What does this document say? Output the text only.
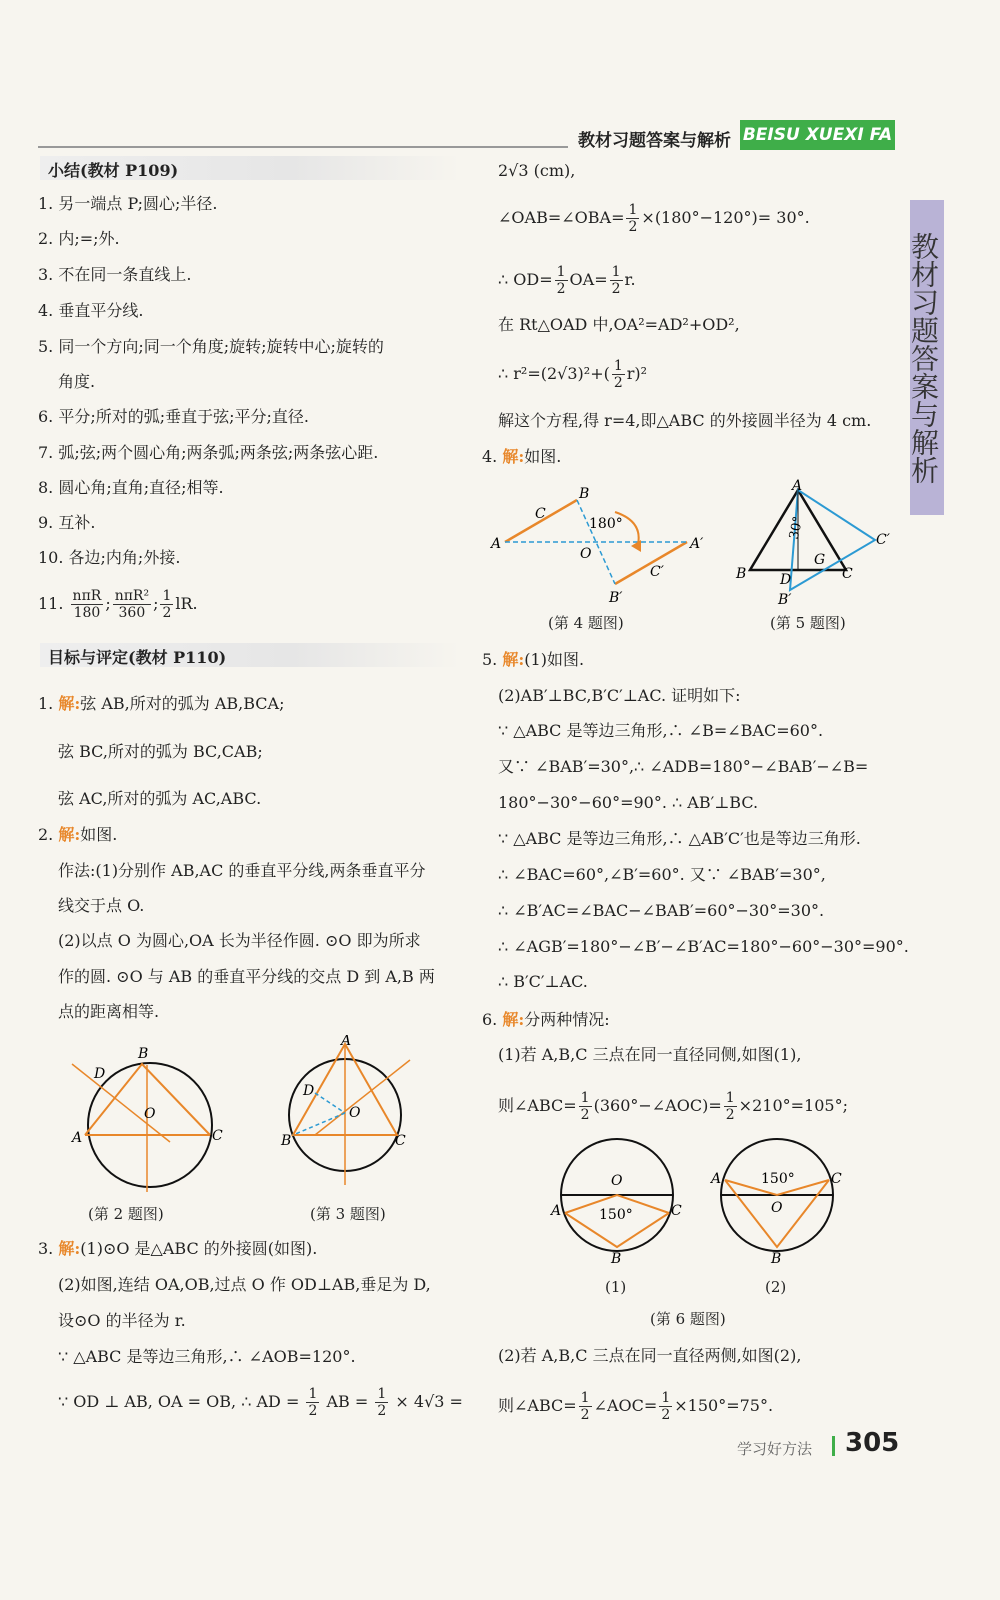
教材习题答案与解析 BEISU XUEXI FA
教材习题答案与解析
小结(教材 P109)
1. 另一端点 P;圆心;半径.
2. 内;=;外.
3. 不在同一条直线上.
4. 垂直平分线.
5. 同一个方向;同一个角度;旋转;旋转中心;旋转的
角度.
6. 平分;所对的弧;垂直于弦;平分;直径.
7. 弧;弦;两个圆心角;两条弧;两条弦;两条弦心距.
8. 圆心角;直角;直径;相等.
9. 互补.
10. 各边;内角;外接.
11. $\frac{\text{nπR}}{180}$ ; $\frac{\text{nπR²}}{360}$ ; $\frac{1}{2}$ lR.
目标与评定(教材 P110)
1. 解:弦 AB,所对的弧为 AB,BCA;
弦 BC,所对的弧为 BC,CAB;
弦 AC,所对的弧为 AC,ABC.
2. 解:如图.
作法:(1)分别作 AB,AC 的垂直平分线,两条垂直平分
线交于点 O.
(2)以点 O 为圆心,OA 长为半径作圆. ⊙O 即为所求
作的圆. ⊙O 与 AB 的垂直平分线的交点 D 到 A,B 两
点的距离相等.
B
D
O
A	C
(第 2 题图)
A
D
O
B	C
(第 3 题图)
3. 解:(1)⊙O 是△ABC 的外接圆(如图).
(2)如图,连结 OA,OB,过点 O 作 OD⊥AB,垂足为 D,
设⊙O 的半径为 r.
∵ △ABC 是等边三角形,∴ ∠AOB=120°.
∵ OD ⊥ AB, OA = OB, ∴ AD = $\frac{1}{2}$ AB = $\frac{1}{2} \times 4√3$ =
2√3 (cm),
∠OAB=∠OBA= $\frac{1}{2} \times(180^\circ-120^\circ)= 30^\circ$.
∴ $OD= \frac{1}{2} OA= \frac{1}{2} r$.
在 Rt△OAD 中,OA²=AD²+OD²,
∴ $r^2=(2√3)^2+( \frac{1}{2} r)^2$
解这个方程,得 r=4,即△ABC 的外接圆半径为 4 cm.
4. 解:如图.
C
B
A
O
180°
A′
C′
B′
(第 4 题图)
A
30°	C′
G
B D	C
B′
(第 5 题图)
5. 解:(1)如图.
(2)AB′⊥BC,B′C′⊥AC. 证明如下:
∵ △ABC 是等边三角形,∴ ∠B=∠BAC=60°.
又∵ ∠BAB′=30°,∴ ∠ADB=180°−∠BAB′−∠B=
180°−30°−60°=90°. ∴ AB′⊥BC.
∵ △ABC 是等边三角形,∴ △AB′C′也是等边三角形.
∴ ∠BAC=60°,∠B′=60°. 又∵ ∠BAB′=30°,
∴ ∠B′AC=∠BAC−∠BAB′=60°−30°=30°.
∴ ∠AGB′=180°−∠B′−∠B′AC=180°−60°−30°=90°.
∴ B′C′⊥AC.
6. 解:分两种情况:
(1)若 A,B,C 三点在同一直径同侧,如图(1),
则∠ABC= $\frac{1}{2}$ (360°−∠AOC)= $\frac{1}{2} \times 210^\circ=105^\circ$;
O
150°
A	C
B
150°
O
A	C
B
(1)	(2)
(第 6 题图)
(2)若 A,B,C 三点在同一直径两侧,如图(2),
则∠ABC= $\frac{1}{2}$ ∠AOC= $\frac{1}{2} \times 150^\circ=75^\circ$.
学习好方法 305
